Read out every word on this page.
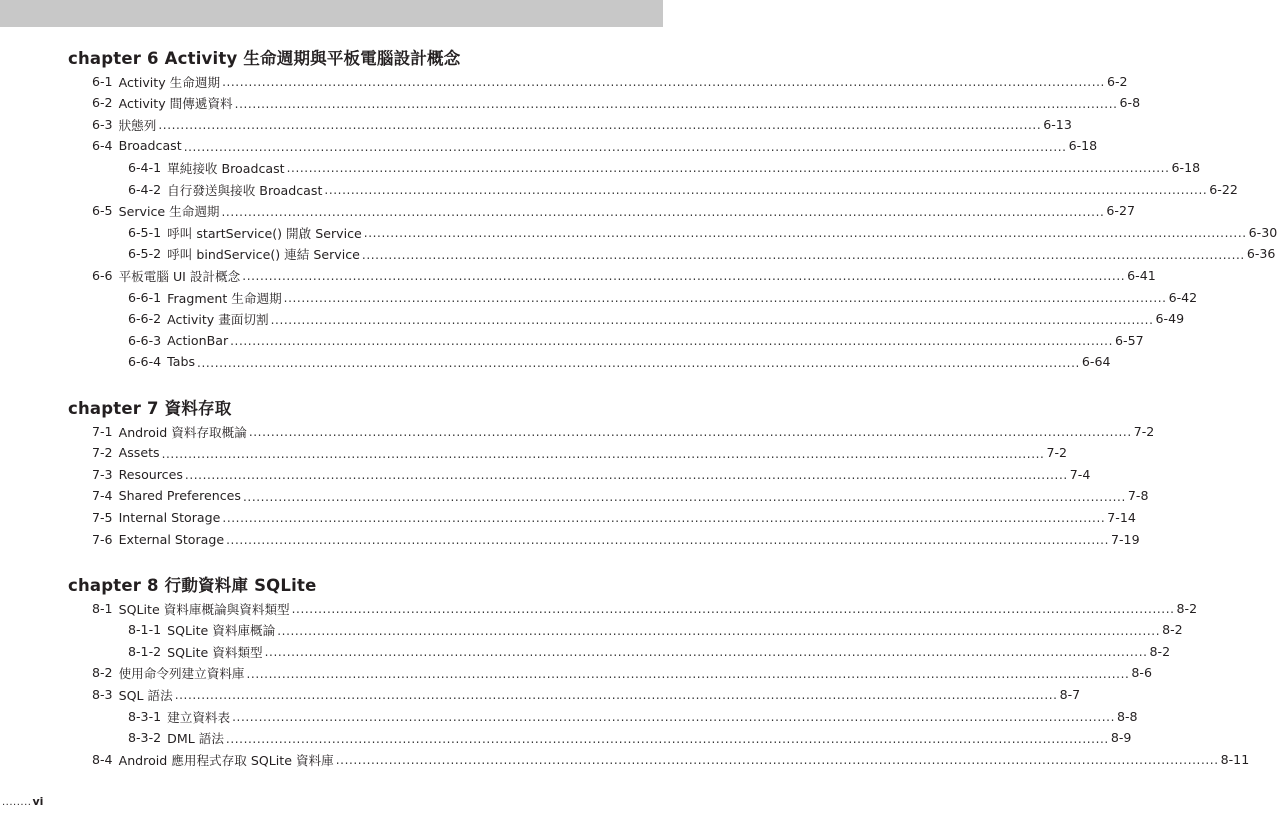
chapter 6 Activity 生命週期與平板電腦設計概念
6-1 Activity 生命週期 ........................................................................................................................................................................................................ 6-2
6-2 Activity 間傳遞資料 ........................................................................................................................................................................................................ 6-8
6-3 狀態列 ........................................................................................................................................................................................................ 6-13
6-4 Broadcast ........................................................................................................................................................................................................ 6-18
6-4-1 單純接收 Broadcast ........................................................................................................................................................................................................ 6-18
6-4-2 自行發送與接收 Broadcast ........................................................................................................................................................................................................ 6-22
6-5 Service 生命週期 ........................................................................................................................................................................................................ 6-27
6-5-1 呼叫 startService() 開啟 Service ........................................................................................................................................................................................................ 6-30
6-5-2 呼叫 bindService() 連結 Service ........................................................................................................................................................................................................ 6-36
6-6 平板電腦 UI 設計概念 ........................................................................................................................................................................................................ 6-41
6-6-1 Fragment 生命週期 ........................................................................................................................................................................................................ 6-42
6-6-2 Activity 畫面切割 ........................................................................................................................................................................................................ 6-49
6-6-3 ActionBar ........................................................................................................................................................................................................ 6-57
6-6-4 Tabs ........................................................................................................................................................................................................ 6-64
chapter 7 資料存取
7-1 Android 資料存取概論 ........................................................................................................................................................................................................ 7-2
7-2 Assets ........................................................................................................................................................................................................ 7-2
7-3 Resources ........................................................................................................................................................................................................ 7-4
7-4 Shared Preferences ........................................................................................................................................................................................................ 7-8
7-5 Internal Storage ........................................................................................................................................................................................................ 7-14
7-6 External Storage ........................................................................................................................................................................................................ 7-19
chapter 8 行動資料庫 SQLite
8-1 SQLite 資料庫概論與資料類型 ........................................................................................................................................................................................................ 8-2
8-1-1 SQLite 資料庫概論 ........................................................................................................................................................................................................ 8-2
8-1-2 SQLite 資料類型 ........................................................................................................................................................................................................ 8-2
8-2 使用命令列建立資料庫 ........................................................................................................................................................................................................ 8-6
8-3 SQL 語法 ........................................................................................................................................................................................................ 8-7
8-3-1 建立資料表 ........................................................................................................................................................................................................ 8-8
8-3-2 DML 語法 ........................................................................................................................................................................................................ 8-9
8-4 Android 應用程式存取 SQLite 資料庫 ........................................................................................................................................................................................................ 8-11
........vi
